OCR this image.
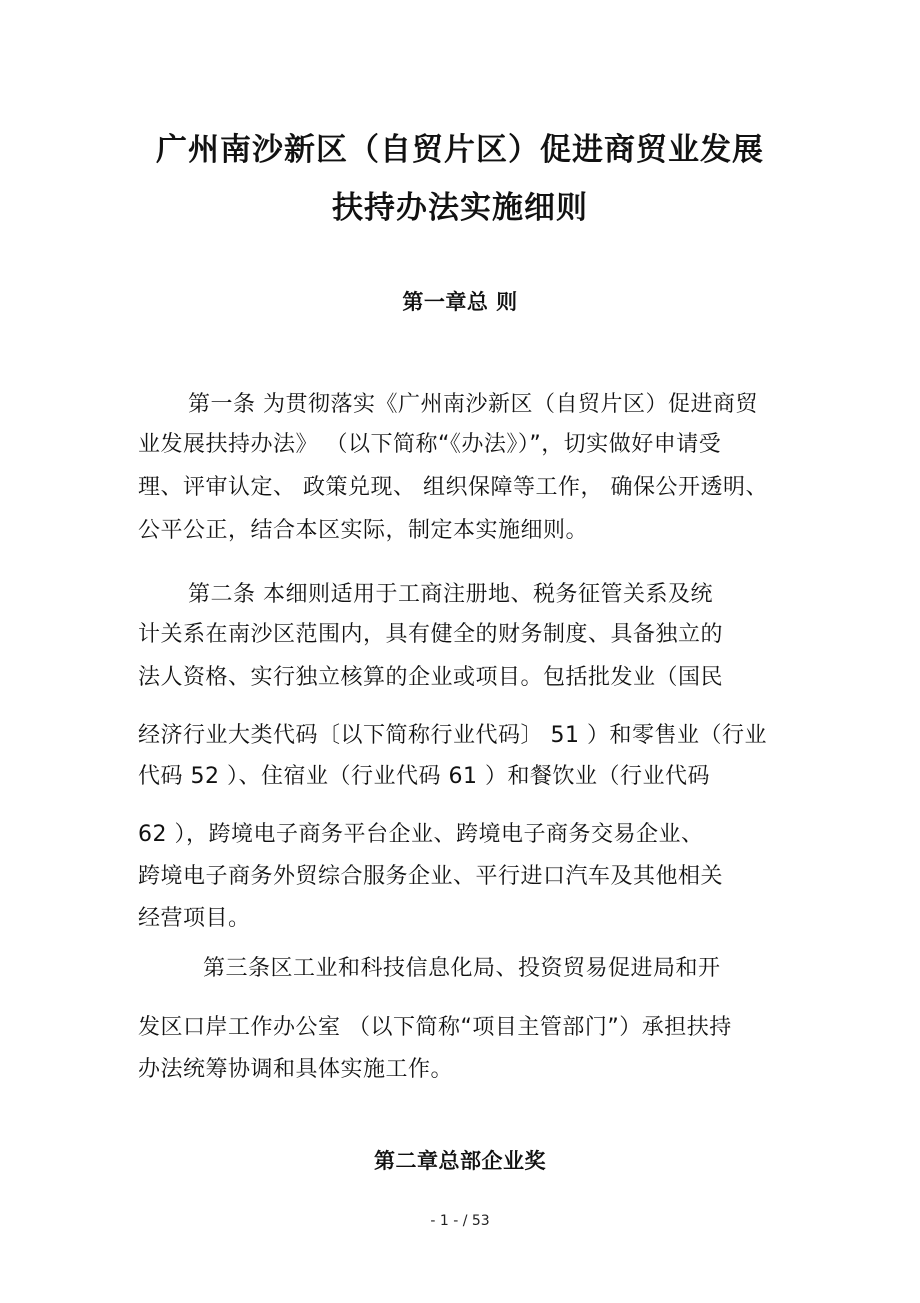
广州南沙新区（自贸片区）促进商贸业发展
扶持办法实施细则
第一章总 则

第一条 为贯彻落实《广州南沙新区（自贸片区）促进商贸

业发展扶持办法》 （以下简称“《办法》）”，切实做好申请受

理、评审认定、 政策兑现、 组织保障等工作， 确保公开透明、

公平公正，结合本区实际，制定本实施细则。

第二条 本细则适用于工商注册地、税务征管关系及统

计关系在南沙区范围内，具有健全的财务制度、具备独立的

法人资格、实行独立核算的企业或项目。包括批发业（国民

经济行业大类代码〔以下简称行业代码〕 51 ）和零售业（行业

代码 52 ）、住宿业（行业代码 61 ）和餐饮业（行业代码

62 ），跨境电子商务平台企业、跨境电子商务交易企业、

跨境电子商务外贸综合服务企业、平行进口汽车及其他相关

经营项目。

第三条区工业和科技信息化局、投资贸易促进局和开

发区口岸工作办公室 （以下简称“项目主管部门”）承担扶持

办法统筹协调和具体实施工作。

第二章总部企业奖
- 1 - / 53
